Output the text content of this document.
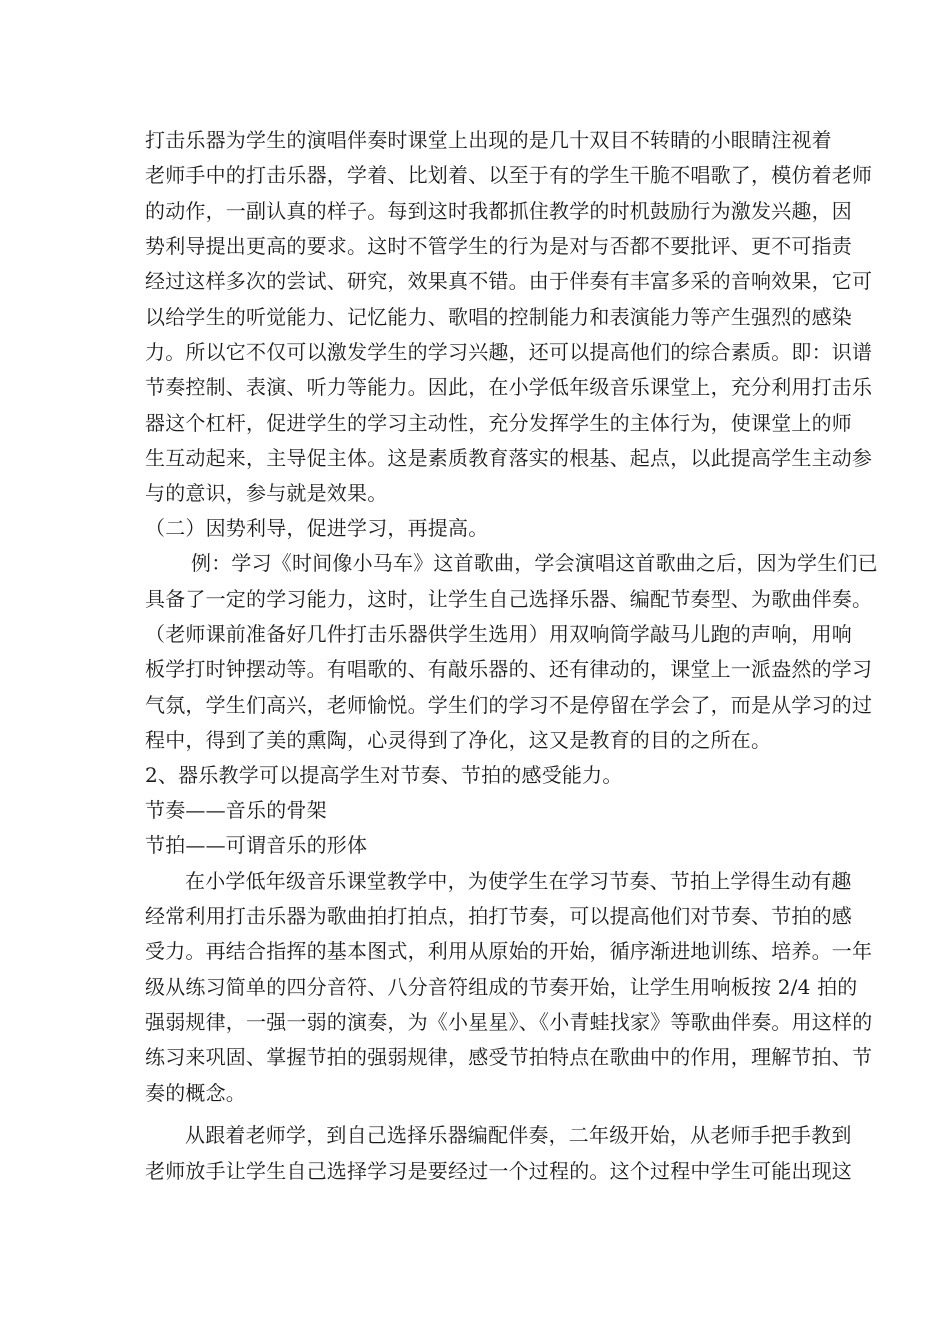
打击乐器为学生的演唱伴奏时课堂上出现的是几十双目不转睛的小眼睛注视着
老师手中的打击乐器，学着、比划着、以至于有的学生干脆不唱歌了，模仿着老师
的动作，一副认真的样子。每到这时我都抓住教学的时机鼓励行为激发兴趣，因
势利导提出更高的要求。这时不管学生的行为是对与否都不要批评、更不可指责
经过这样多次的尝试、研究，效果真不错。由于伴奏有丰富多采的音响效果，它可
以给学生的听觉能力、记忆能力、歌唱的控制能力和表演能力等产生强烈的感染
力。所以它不仅可以激发学生的学习兴趣，还可以提高他们的综合素质。即：识谱
节奏控制、表演、听力等能力。因此，在小学低年级音乐课堂上，充分利用打击乐
器这个杠杆，促进学生的学习主动性，充分发挥学生的主体行为，使课堂上的师
生互动起来，主导促主体。这是素质教育落实的根基、起点，以此提高学生主动参
与的意识，参与就是效果。
（二）因势利导，促进学习，再提高。
例：学习《时间像小马车》这首歌曲，学会演唱这首歌曲之后，因为学生们已
具备了一定的学习能力，这时，让学生自己选择乐器、编配节奏型、为歌曲伴奏。
（老师课前准备好几件打击乐器供学生选用）用双响筒学敲马儿跑的声响，用响
板学打时钟摆动等。有唱歌的、有敲乐器的、还有律动的，课堂上一派盎然的学习
气氛，学生们高兴，老师愉悦。学生们的学习不是停留在学会了，而是从学习的过
程中，得到了美的熏陶，心灵得到了净化，这又是教育的目的之所在。
2、器乐教学可以提高学生对节奏、节拍的感受能力。
节奏——音乐的骨架
节拍——可谓音乐的形体
在小学低年级音乐课堂教学中，为使学生在学习节奏、节拍上学得生动有趣
经常利用打击乐器为歌曲拍打拍点，拍打节奏，可以提高他们对节奏、节拍的感
受力。再结合指挥的基本图式，利用从原始的开始，循序渐进地训练、培养。一年
级从练习简单的四分音符、八分音符组成的节奏开始，让学生用响板按 2/4 拍的
强弱规律，一强一弱的演奏，为《小星星》、《小青蛙找家》等歌曲伴奏。用这样的
练习来巩固、掌握节拍的强弱规律，感受节拍特点在歌曲中的作用，理解节拍、节
奏的概念。
从跟着老师学，到自己选择乐器编配伴奏，二年级开始，从老师手把手教到
老师放手让学生自己选择学习是要经过一个过程的。这个过程中学生可能出现这
